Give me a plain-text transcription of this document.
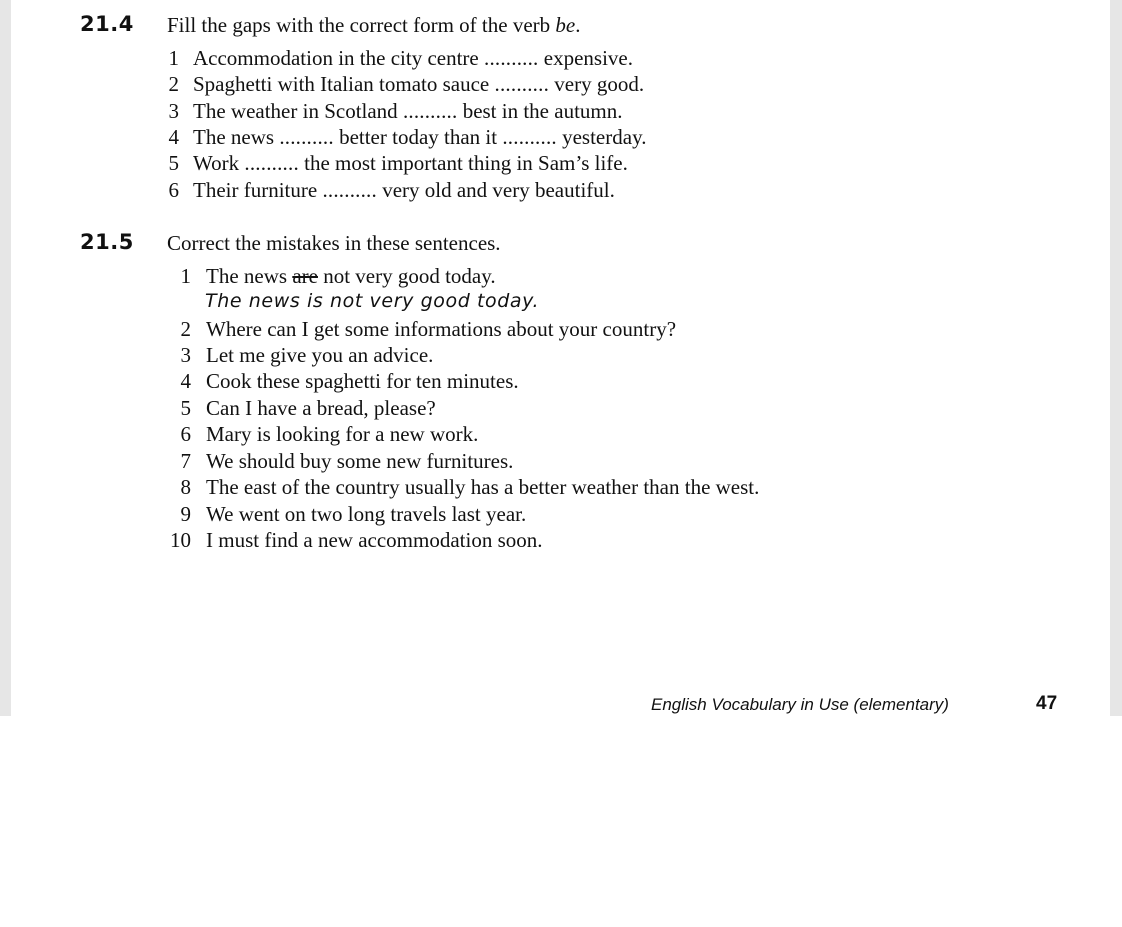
21.4 Fill the gaps with the correct form of the verb be.
1 Accommodation in the city centre .......... expensive.
2 Spaghetti with Italian tomato sauce .......... very good.
3 The weather in Scotland .......... best in the autumn.
4 The news .......... better today than it .......... yesterday.
5 Work .......... the most important thing in Sam’s life.
6 Their furniture .......... very old and very beautiful.
21.5 Correct the mistakes in these sentences.
1 The news are not very good today.
The news is not very good today.
2 Where can I get some informations about your country?
3 Let me give you an advice.
4 Cook these spaghetti for ten minutes.
5 Can I have a bread, please?
6 Mary is looking for a new work.
7 We should buy some new furnitures.
8 The east of the country usually has a better weather than the west.
9 We went on two long travels last year.
10 I must find a new accommodation soon.
English Vocabulary in Use (elementary)	47
